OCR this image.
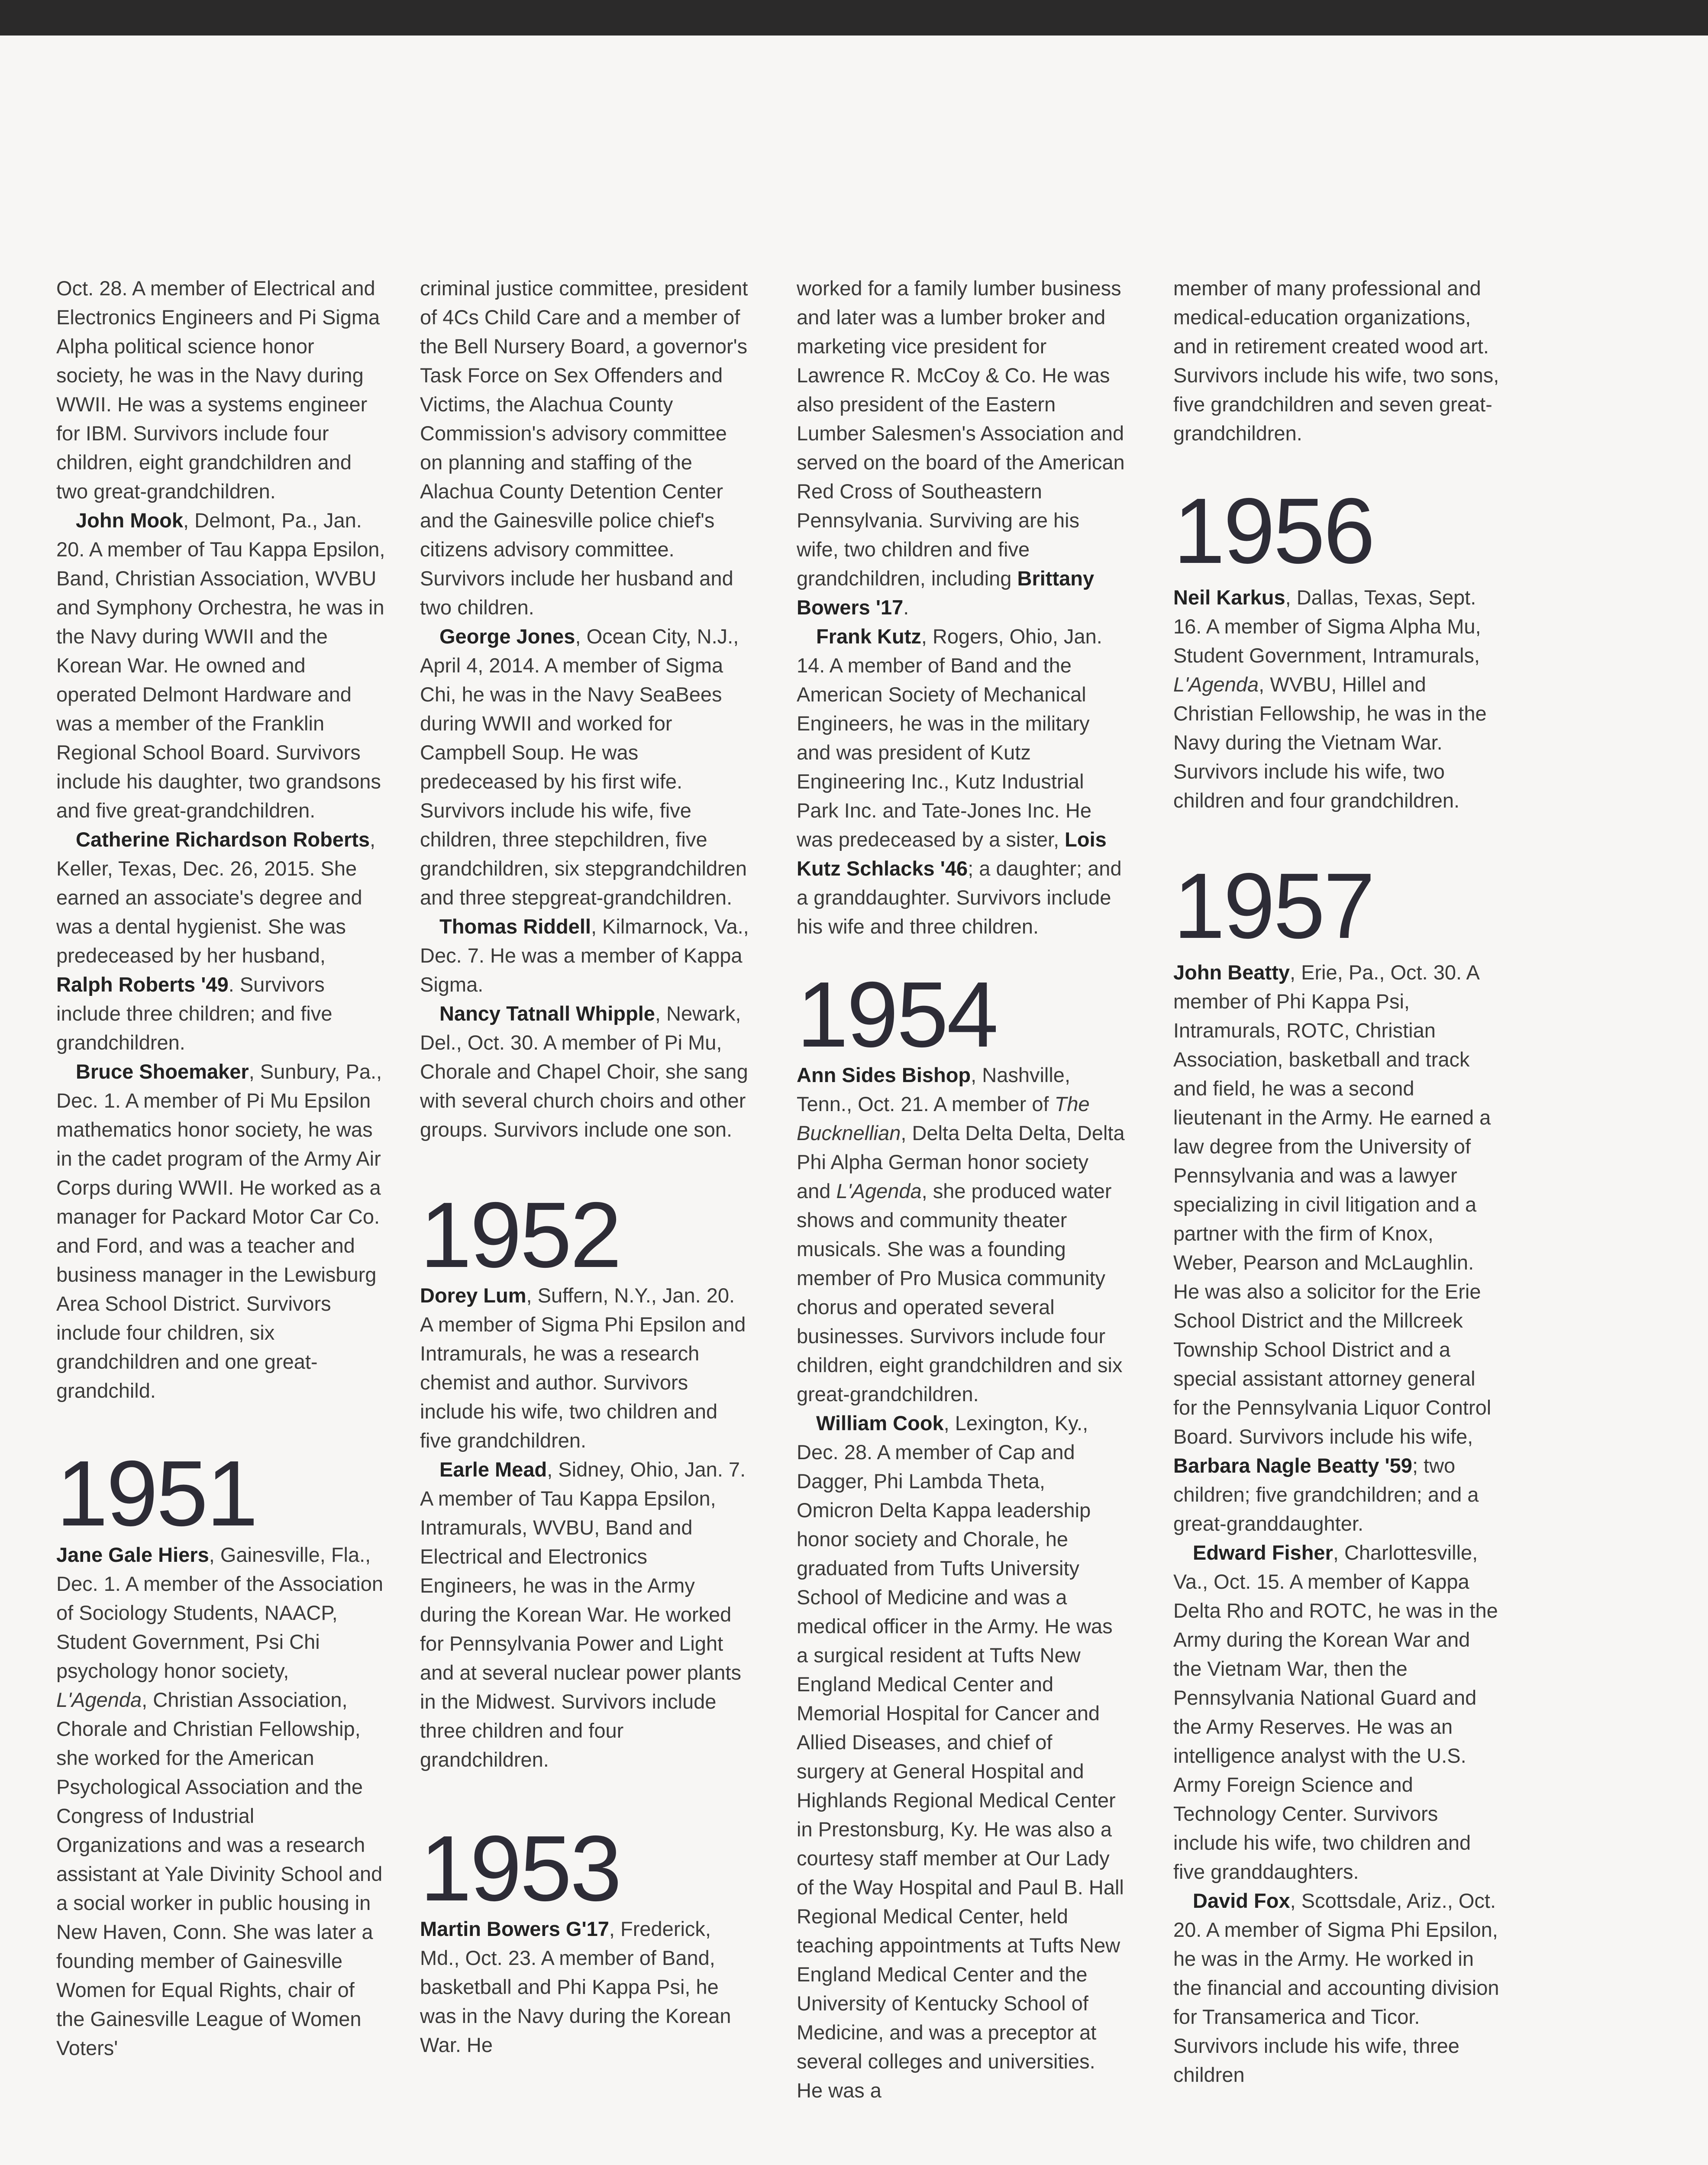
Oct. 28. A member of Electrical and Electronics Engineers and Pi Sigma Alpha political science honor society, he was in the Navy during WWII. He was a systems engineer for IBM. Survivors include four children, eight grandchildren and two great-grandchildren.

John Mook, Delmont, Pa., Jan. 20. A member of Tau Kappa Epsilon, Band, Christian Association, WVBU and Symphony Orchestra, he was in the Navy during WWII and the Korean War. He owned and operated Delmont Hardware and was a member of the Franklin Regional School Board. Survivors include his daughter, two grandsons and five great-grandchildren.

Catherine Richardson Roberts, Keller, Texas, Dec. 26, 2015. She earned an associate's degree and was a dental hygienist. She was predeceased by her husband, Ralph Roberts '49. Survivors include three children; and five grandchildren.

Bruce Shoemaker, Sunbury, Pa., Dec. 1. A member of Pi Mu Epsilon mathematics honor society, he was in the cadet program of the Army Air Corps during WWII. He worked as a manager for Packard Motor Car Co. and Ford, and was a teacher and business manager in the Lewisburg Area School District. Survivors include four children, six grandchildren and one great-grandchild.

1951

Jane Gale Hiers, Gainesville, Fla., Dec. 1. A member of the Association of Sociology Students, NAACP, Student Government, Psi Chi psychology honor society, L'Agenda, Christian Association, Chorale and Christian Fellowship, she worked for the American Psychological Association and the Congress of Industrial Organizations and was a research assistant at Yale Divinity School and a social worker in public housing in New Haven, Conn. She was later a founding member of Gainesville Women for Equal Rights, chair of the Gainesville League of Women Voters'

criminal justice committee, president of 4Cs Child Care and a member of the Bell Nursery Board, a governor's Task Force on Sex Offenders and Victims, the Alachua County Commission's advisory committee on planning and staffing of the Alachua County Detention Center and the Gainesville police chief's citizens advisory committee. Survivors include her husband and two children.

George Jones, Ocean City, N.J., April 4, 2014. A member of Sigma Chi, he was in the Navy SeaBees during WWII and worked for Campbell Soup. He was predeceased by his first wife. Survivors include his wife, five children, three stepchildren, five grandchildren, six stepgrandchildren and three stepgreat-grandchildren.

Thomas Riddell, Kilmarnock, Va., Dec. 7. He was a member of Kappa Sigma.

Nancy Tatnall Whipple, Newark, Del., Oct. 30. A member of Pi Mu, Chorale and Chapel Choir, she sang with several church choirs and other groups. Survivors include one son.

1952

Dorey Lum, Suffern, N.Y., Jan. 20. A member of Sigma Phi Epsilon and Intramurals, he was a research chemist and author. Survivors include his wife, two children and five grandchildren.

Earle Mead, Sidney, Ohio, Jan. 7. A member of Tau Kappa Epsilon, Intramurals, WVBU, Band and Electrical and Electronics Engineers, he was in the Army during the Korean War. He worked for Pennsylvania Power and Light and at several nuclear power plants in the Midwest. Survivors include three children and four grandchildren.

1953

Martin Bowers G'17, Frederick, Md., Oct. 23. A member of Band, basketball and Phi Kappa Psi, he was in the Navy during the Korean War. He

worked for a family lumber business and later was a lumber broker and marketing vice president for Lawrence R. McCoy & Co. He was also president of the Eastern Lumber Salesmen's Association and served on the board of the American Red Cross of Southeastern Pennsylvania. Surviving are his wife, two children and five grandchildren, including Brittany Bowers '17.

Frank Kutz, Rogers, Ohio, Jan. 14. A member of Band and the American Society of Mechanical Engineers, he was in the military and was president of Kutz Engineering Inc., Kutz Industrial Park Inc. and Tate-Jones Inc. He was predeceased by a sister, Lois Kutz Schlacks '46; a daughter; and a granddaughter. Survivors include his wife and three children.

1954

Ann Sides Bishop, Nashville, Tenn., Oct. 21. A member of The Bucknellian, Delta Delta Delta, Delta Phi Alpha German honor society and L'Agenda, she produced water shows and community theater musicals. She was a founding member of Pro Musica community chorus and operated several businesses. Survivors include four children, eight grandchildren and six great-grandchildren.

William Cook, Lexington, Ky., Dec. 28. A member of Cap and Dagger, Phi Lambda Theta, Omicron Delta Kappa leadership honor society and Chorale, he graduated from Tufts University School of Medicine and was a medical officer in the Army. He was a surgical resident at Tufts New England Medical Center and Memorial Hospital for Cancer and Allied Diseases, and chief of surgery at General Hospital and Highlands Regional Medical Center in Prestonsburg, Ky. He was also a courtesy staff member at Our Lady of the Way Hospital and Paul B. Hall Regional Medical Center, held teaching appointments at Tufts New England Medical Center and the University of Kentucky School of Medicine, and was a preceptor at several colleges and universities. He was a

member of many professional and medical-education organizations, and in retirement created wood art. Survivors include his wife, two sons, five grandchildren and seven great-grandchildren.

1956

Neil Karkus, Dallas, Texas, Sept. 16. A member of Sigma Alpha Mu, Student Government, Intramurals, L'Agenda, WVBU, Hillel and Christian Fellowship, he was in the Navy during the Vietnam War. Survivors include his wife, two children and four grandchildren.

1957

John Beatty, Erie, Pa., Oct. 30. A member of Phi Kappa Psi, Intramurals, ROTC, Christian Association, basketball and track and field, he was a second lieutenant in the Army. He earned a law degree from the University of Pennsylvania and was a lawyer specializing in civil litigation and a partner with the firm of Knox, Weber, Pearson and McLaughlin. He was also a solicitor for the Erie School District and the Millcreek Township School District and a special assistant attorney general for the Pennsylvania Liquor Control Board. Survivors include his wife, Barbara Nagle Beatty '59; two children; five grandchildren; and a great-granddaughter.

Edward Fisher, Charlottesville, Va., Oct. 15. A member of Kappa Delta Rho and ROTC, he was in the Army during the Korean War and the Vietnam War, then the Pennsylvania National Guard and the Army Reserves. He was an intelligence analyst with the U.S. Army Foreign Science and Technology Center. Survivors include his wife, two children and five granddaughters.

David Fox, Scottsdale, Ariz., Oct. 20. A member of Sigma Phi Epsilon, he was in the Army. He worked in the financial and accounting division for Transamerica and Ticor. Survivors include his wife, three children
